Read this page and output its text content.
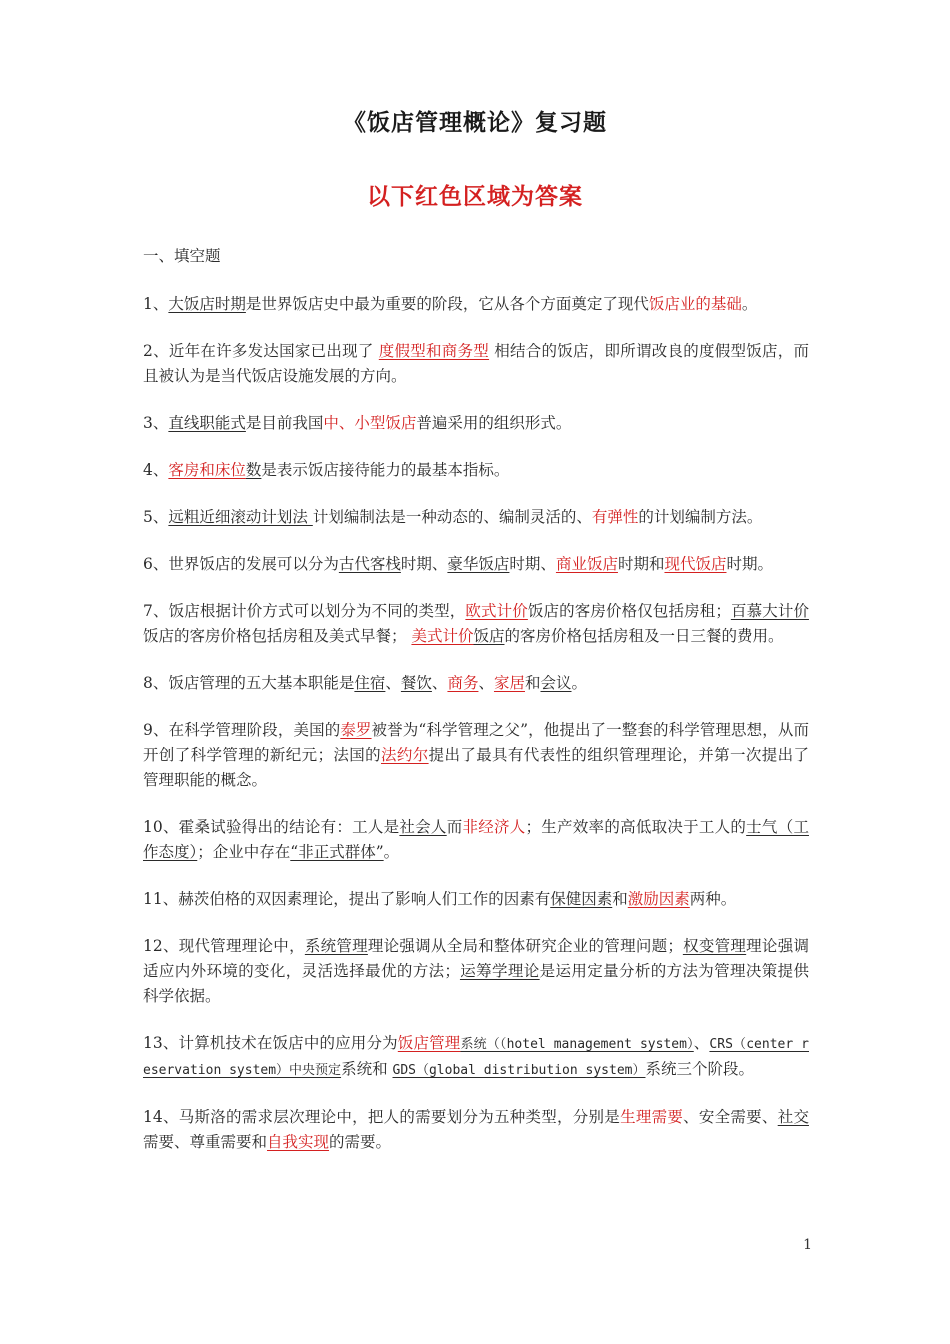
《饭店管理概论》复习题
以下红色区域为答案
一、填空题

1、大饭店时期是世界饭店史中最为重要的阶段，它从各个方面奠定了现代饭店业的基础。

2、近年在许多发达国家已出现了 度假型和商务型 相结合的饭店，即所谓改良的度假型饭店，而且被认为是当代饭店设施发展的方向。

3、直线职能式是目前我国中、小型饭店普遍采用的组织形式。

4、客房和床位数是表示饭店接待能力的最基本指标。

5、远粗近细滚动计划法 计划编制法是一种动态的、编制灵活的、有弹性的计划编制方法。

6、世界饭店的发展可以分为古代客栈时期、豪华饭店时期、商业饭店时期和现代饭店时期。

7、饭店根据计价方式可以划分为不同的类型，欧式计价饭店的客房价格仅包括房租；百慕大计价饭店的客房价格包括房租及美式早餐； 美式计价饭店的客房价格包括房租及一日三餐的费用。

8、饭店管理的五大基本职能是住宿、餐饮、商务、家居和会议。

9、在科学管理阶段，美国的泰罗被誉为“科学管理之父”，他提出了一整套的科学管理思想，从而开创了科学管理的新纪元；法国的法约尔提出了最具有代表性的组织管理理论，并第一次提出了管理职能的概念。

10、霍桑试验得出的结论有：工人是社会人而非经济人；生产效率的高低取决于工人的士气（工作态度）；企业中存在“非正式群体”。

11、赫茨伯格的双因素理论，提出了影响人们工作的因素有保健因素和激励因素两种。

12、现代管理理论中，系统管理理论强调从全局和整体研究企业的管理问题；权变管理理论强调适应内外环境的变化，灵活选择最优的方法；运筹学理论是运用定量分析的方法为管理决策提供科学依据。

13、计算机技术在饭店中的应用分为饭店管理系统（（hotel management system）、CRS（center reservation system）中央预定系统和 GDS（global distribution system）系统三个阶段。

14、马斯洛的需求层次理论中，把人的需要划分为五种类型，分别是生理需要、安全需要、社交需要、尊重需要和自我实现的需要。

1
